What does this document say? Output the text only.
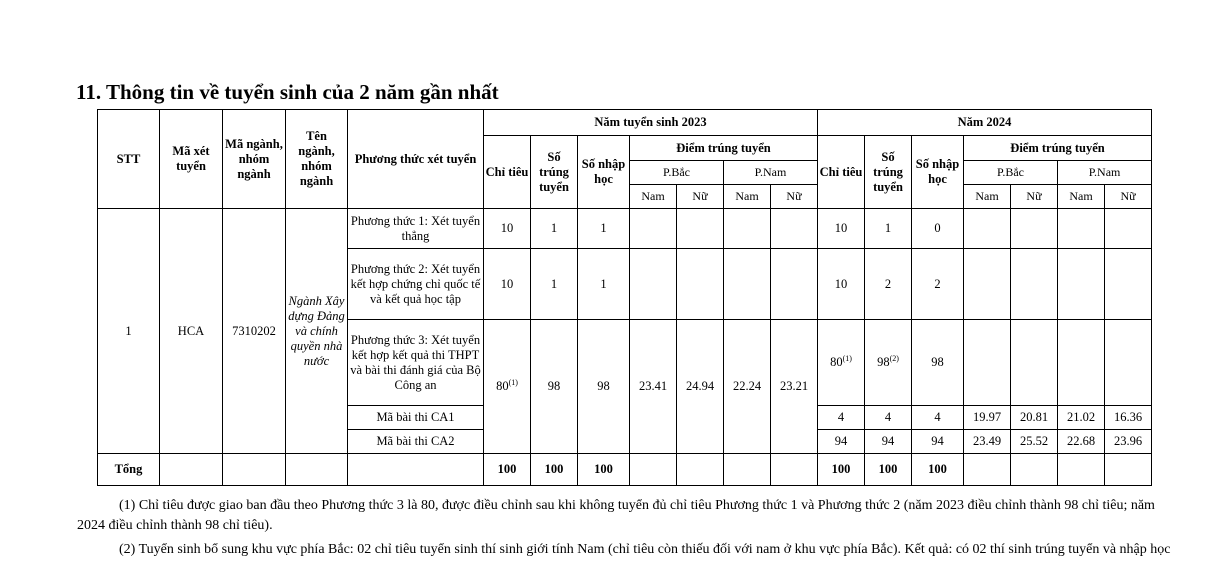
11. Thông tin về tuyển sinh của 2 năm gần nhất
STT	Mã xét tuyển	Mã ngành, nhóm ngành	Tên ngành, nhóm ngành	Phương thức xét tuyển	Năm tuyển sinh 2023							Năm 2024						
					Chỉ tiêu	Số trúng tuyển	Số nhập học	Điểm trúng tuyển				Chỉ tiêu	Số trúng tuyển	Số nhập học	Điểm trúng tuyển			
								P.Bắc		P.Nam					P.Bắc		P.Nam	
								Nam	Nữ	Nam	Nữ				Nam	Nữ	Nam	Nữ
1	HCA	7310202	Ngành Xây dựng Đảng và chính quyền nhà nước	Phương thức 1: Xét tuyển thẳng	10	1	1					10	1	0				
				Phương thức 2: Xét tuyển kết hợp chứng chỉ quốc tế và kết quả học tập	10	1	1					10	2	2				
				Phương thức 3: Xét tuyển kết hợp kết quả thi THPT và bài thi đánh giá của Bộ Công an	80$^{(1)}$	98	98	23.41	24.94	22.24	23.21	80$^{(1)}$	98$^{(2)}$	98				
				Mã bài thi CA1								4	4	4	19.97	20.81	21.02	16.36
				Mã bài thi CA2								94	94	94	23.49	25.52	22.68	23.96
Tổng					100	100	100					100	100	100				

(1) Chỉ tiêu được giao ban đầu theo Phương thức 3 là 80, được điều chỉnh sau khi không tuyển đủ chỉ tiêu Phương thức 1 và Phương thức 2 (năm 2023 điều chỉnh thành 98 chỉ tiêu; năm 2024 điều chỉnh thành 98 chỉ tiêu).

(2) Tuyển sinh bổ sung khu vực phía Bắc: 02 chỉ tiêu tuyển sinh thí sinh giới tính Nam (chỉ tiêu còn thiếu đối với nam ở khu vực phía Bắc). Kết quả: có 02 thí sinh trúng tuyển và nhập học
